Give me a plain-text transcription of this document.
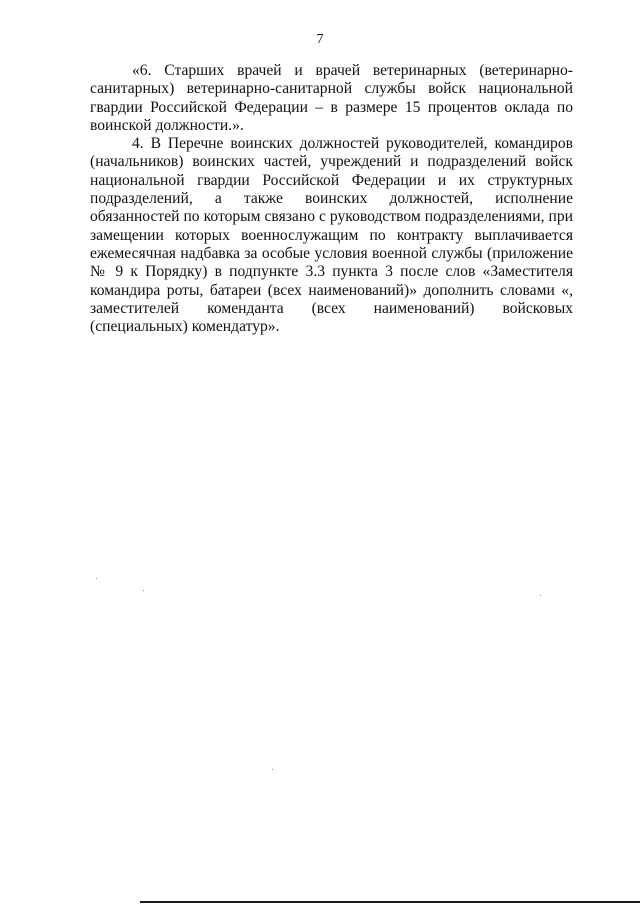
7

«6. Старших врачей и врачей ветеринарных (ветеринарно-санитарных) ветеринарно-санитарной службы войск национальной гвардии Российской Федерации – в размере 15 процентов оклада по воинской должности.».

4. В Перечне воинских должностей руководителей, командиров (начальников) воинских частей, учреждений и подразделений войск национальной гвардии Российской Федерации и их структурных подразделений, а также воинских должностей, исполнение обязанностей по которым связано с руководством подразделениями, при замещении которых военнослужащим по контракту выплачивается ежемесячная надбавка за особые условия военной службы (приложение № 9 к Порядку) в подпункте 3.3 пункта 3 после слов «Заместителя командира роты, батареи (всех наименований)» дополнить словами «, заместителей коменданта (всех наименований) войсковых (специальных) комендатур».
